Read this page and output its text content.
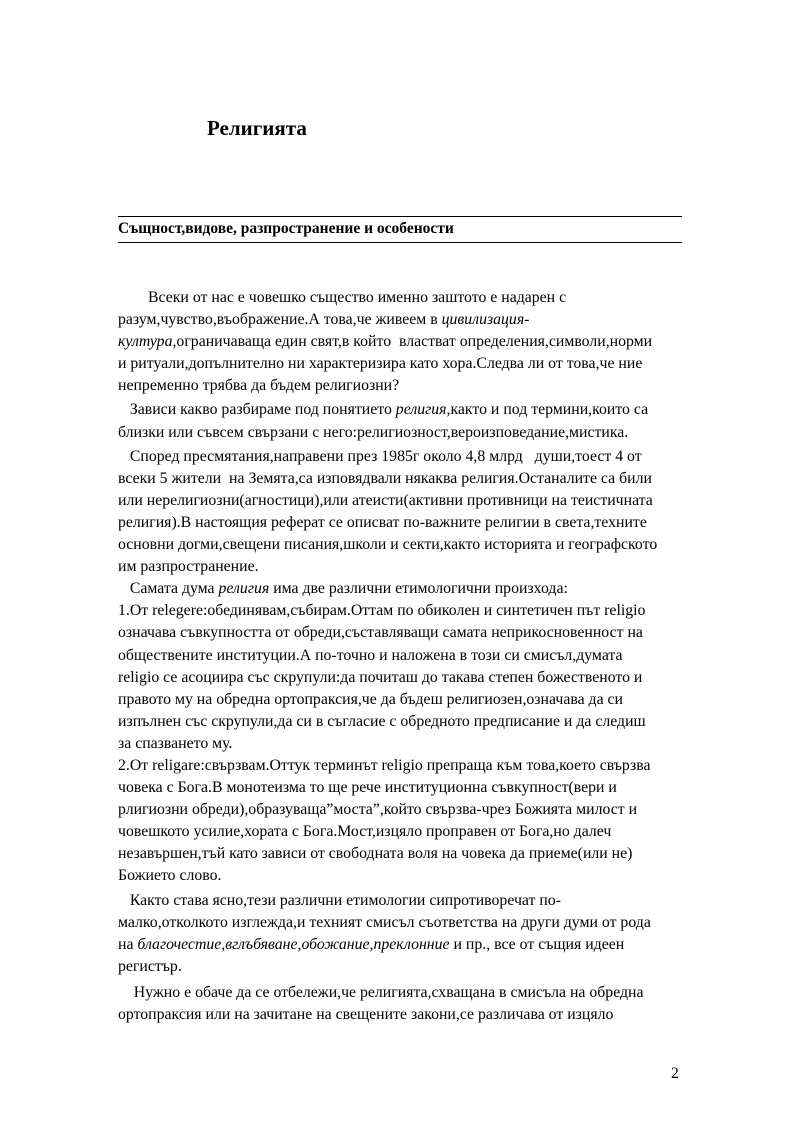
Религията
Същност,видове, разпространение и особености
Всеки от нас е човешко същество именно заштото е надарен с
разум,чувство,въображение.А това,че живеем в цивилизация-
култура,ограничаваща един свят,в който  властват определения,символи,норми
и ритуали,допълнително ни характеризира като хора.Следва ли от това,че ние
непременно трябва да бъдем религиозни?
Зависи какво разбираме под понятието религия,както и под термини,които са
близки или съвсем свързани с него:религиозност,вероизповедание,мистика.
Според пресмятания,направени през 1985г около 4,8 млрд   души,тоест 4 от
всеки 5 жители  на Земята,са изповядвали някаква религия.Останалите са били
или нерелигиозни(агностици),или атеисти(активни противници на теистичната
религия).В настоящия реферат се описват по-важните религии в света,техните
основни догми,свещени писания,школи и секти,както историята и географското
им разпространение.
Самата дума религия има две различни етимологични произхода:
1.От relegere:обединявам,събирам.Оттам по обиколен и синтетичен път religio
означава съвкупността от обреди,съставляващи самата неприкосновенност на
обществените институции.А по-точно и наложена в този си смисъл,думата
religio се асоциира със скрупули:да почиташ до такава степен божественото и
правото му на обредна ортопраксия,че да бъдеш религиозен,означава да си
изпълнен със скрупули,да си в съгласие с обредното предписание и да следиш
за спазването му.
2.От religare:свързвам.Оттук терминът religio препраща към това,което свързва
човека с Бога.В монотеизма то ще рече институционна съвкупност(вери и
рлигиозни обреди),образуваща”моста”,който свързва-чрез Божията милост и
човешкото усилие,хората с Бога.Мост,изцяло проправен от Бога,но далеч
незавършен,тъй като зависи от свободната воля на човека да приеме(или не)
Божието слово.
Както става ясно,тези различни етимологии сипротиворечат по-
малко,отколкото изглежда,и техният смисъл съответства на други думи от рода
на благочестие,вглъбяване,обожание,преклонние и пр., все от същия идеен
регистър.
Нужно е обаче да се отбележи,че религията,схващана в смисъла на обредна
ортопраксия или на зачитане на свещените закони,се различава от изцяло
2
